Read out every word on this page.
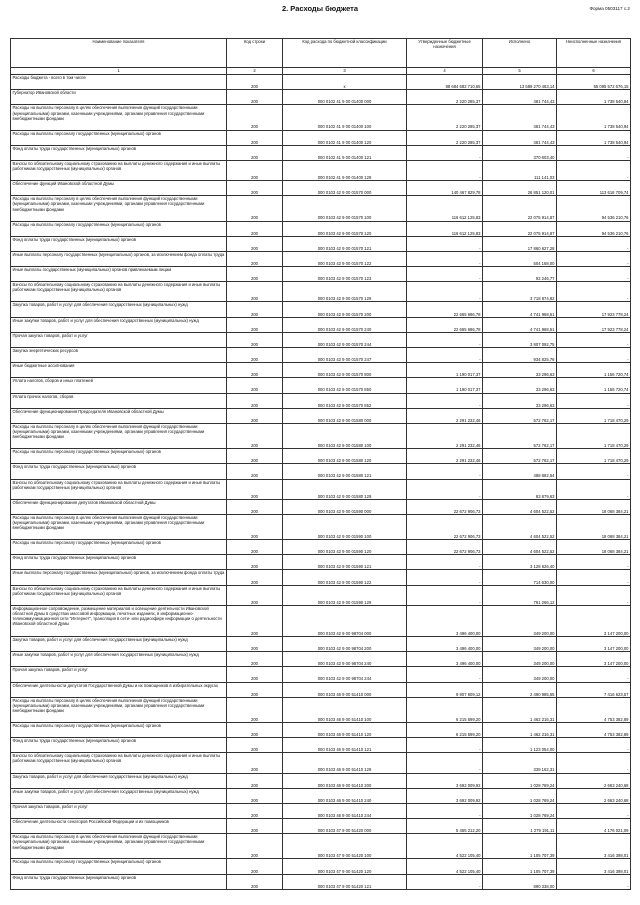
2. Расходы бюджета	Форма 0503117 с.2
Наименование показателя	Код строки	Код расхода по бюджетной классификации	Утвержденные бюджетные назначения	Исполнено	Неисполненные назначения
1	2	3	4	5	6
Расходы бюджета - всего в том числе	200	x	88 684 682 710,65	13 589 270 463,14	55 095 572 676,15
Губернатор Ивановской области	200	000 0102 41 9 00 01400 000	2 220 285,37	481 744,43	1 738 540,94
Расходы на выплаты персоналу в целях обеспечения выполнения функций государственными (муниципальными) органами, казенными учреждениями, органами управления государственными внебюджетными фондами	200	000 0102 41 9 00 01400 100	2 220 285,37	481 744,43	1 738 540,94
Расходы на выплаты персоналу государственных (муниципальных) органов	200	000 0102 41 9 00 01400 120	2 220 285,37	481 744,43	1 738 540,94
Фонд оплаты труда государственных (муниципальных) органов	200	000 0102 41 9 00 01400 121	-	370 603,40	-
Взносы по обязательному социальному страхованию на выплаты денежного содержания и иные выплаты работникам государственных (муниципальных) органов	200	000 0102 41 9 00 01400 129	-	111 141,03	-
Обеспечение функций Ивановской областной Думы	200	000 0103 42 9 00 01570 000	140 467 829,78	26 851 120,01	113 616 709,74
Расходы на выплаты персоналу в целях обеспечения выполнения функций государственными (муниципальными) органами, казенными учреждениями, органами управления государственными внебюджетными фондами	200	000 0103 42 9 00 01570 100	116 612 125,83	22 075 914,87	94 536 210,76
Расходы на выплаты персоналу государственных (муниципальных) органов	200	000 0103 42 9 00 01570 120	116 612 125,83	22 075 914,87	94 536 210,76
Фонд оплаты труда государственных (муниципальных) органов	200	000 0103 42 9 00 01570 121	-	17 860 627,28	-
Иные выплаты персоналу государственных (муниципальных) органов, за исключением фонда оплаты труда	200	000 0103 42 9 00 01570 122	-	504 168,00	-
Иные выплаты государственных (муниципальных) органов привлекаемым лицам	200	000 0103 42 9 00 01570 123	-	92 246,77	-
Взносы по обязательному социальному страхованию на выплаты денежного содержания и иные выплаты работникам государственных (муниципальных) органов	200	000 0103 42 9 00 01570 129	-	3 718 874,82	-
Закупка товаров, работ и услуг для обеспечения государственных (муниципальных) нужд	200	000 0103 42 9 00 01570 200	22 665 686,78	4 741 968,51	17 923 778,24
Иные закупки товаров, работ и услуг для обеспечения государственных (муниципальных) нужд	200	000 0103 42 9 00 01570 240	22 665 686,78	4 741 968,51	17 923 778,24
Прочая закупка товаров, работ и услуг	200	000 0103 42 9 00 01570 244	-	3 807 092,75	-
Закупка энергетических ресурсов	200	000 0103 42 9 00 01570 247	-	934 825,76	-
Иные бюджетные ассигнования	200	000 0103 42 9 00 01570 800	1 190 017,37	33 296,63	1 156 720,74
Уплата налогов, сборов и иных платежей	200	000 0103 42 9 00 01570 850	1 190 017,37	33 296,63	1 156 720,74
Уплата прочих налогов, сборов	200	000 0103 42 9 00 01570 852	-	33 296,63	-
Обеспечение функционирования Председателя Ивановской областной Думы	200	000 0103 42 9 00 01580 000	2 291 232,46	572 762,17	1 718 470,29
Расходы на выплаты персоналу в целях обеспечения выполнения функций государственными (муниципальными) органами, казенными учреждениями, органами управления государственными внебюджетными фондами	200	000 0103 42 9 00 01580 100	2 291 232,46	572 762,17	1 718 470,29
Расходы на выплаты персоналу государственных (муниципальных) органов	200	000 0103 42 9 00 01580 120	2 291 232,46	572 762,17	1 718 470,29
Фонд оплаты труда государственных (муниципальных) органов	200	000 0103 42 9 00 01580 121	-	488 882,54	-
Взносы по обязательному социальному страхованию на выплаты денежного содержания и иные выплаты работникам государственных (муниципальных) органов	200	000 0103 42 9 00 01580 129	-	83 879,63	-
Обеспечение функционирования депутатов Ивановской областной Думы	200	000 0103 42 9 00 01590 000	22 672 906,73	4 604 522,52	18 068 384,21
Расходы на выплаты персоналу в целях обеспечения выполнения функций государственными (муниципальными) органами, казенными учреждениями, органами управления государственными внебюджетными фондами	200	000 0103 42 9 00 01590 100	22 672 906,73	4 604 522,52	18 068 384,21
Расходы на выплаты персоналу государственных (муниципальных) органов	200	000 0103 42 9 00 01590 120	22 672 906,73	4 604 522,52	18 068 384,21
Фонд оплаты труда государственных (муниципальных) органов	200	000 0103 42 9 00 01590 121	-	3 128 626,40	-
Иные выплаты персоналу государственных (муниципальных) органов, за исключением фонда оплаты труда	200	000 0103 42 9 00 01590 122	-	714 630,00	-
Взносы по обязательному социальному страхованию на выплаты денежного содержания и иные выплаты работникам государственных (муниципальных) органов	200	000 0103 42 9 00 01590 129	-	761 266,12	-
Информационное сопровождение, размещение материалов и освещение деятельности Ивановской областной Думы в средствах массовой информации, печатных изданиях, в информационно-телекоммуникационной сети "Интернет", трансляция в сети- или радиоэфире информации о деятельности Ивановской областной Думы	200	000 0103 42 9 00 98704 000	3 496 400,00	349 200,00	3 147 200,00
Закупка товаров, работ и услуг для обеспечения государственных (муниципальных) нужд	200	000 0103 42 9 00 98704 200	3 496 400,00	349 200,00	3 147 200,00
Иные закупки товаров, работ и услуг для обеспечения государственных (муниципальных) нужд	200	000 0103 42 9 00 98704 240	3 496 400,00	349 200,00	3 147 200,00
Прочая закупка товаров, работ и услуг	200	000 0103 42 9 00 98704 244	-	349 200,00	-
Обеспечение деятельности депутатов Государственной Думы и их помощников в избирательных округах	200	000 0103 46 9 00 51410 000	9 907 609,12	2 490 985,55	7 416 623,57
Расходы на выплаты персоналу в целях обеспечения выполнения функций государственными (муниципальными) органами, казенными учреждениями, органами управления государственными внебюджетными фондами	200	000 0103 46 9 00 51410 100	6 215 599,20	1 462 216,31	4 753 382,89
Расходы на выплаты персоналу государственных (муниципальных) органов	200	000 0103 46 9 00 51410 120	6 215 599,20	1 462 216,31	4 753 382,89
Фонд оплаты труда государственных (муниципальных) органов	200	000 0103 46 9 00 51410 121	-	1 123 054,00	-
Взносы по обязательному социальному страхованию на выплаты денежного содержания и иные выплаты работникам государственных (муниципальных) органов	200	000 0103 46 9 00 51410 129	-	339 162,31	-
Закупка товаров, работ и услуг для обеспечения государственных (муниципальных) нужд	200	000 0103 46 9 00 51410 200	3 692 009,92	1 028 769,24	2 663 240,68
Иные закупки товаров, работ и услуг для обеспечения государственных (муниципальных) нужд	200	000 0103 46 9 00 51410 240	3 692 009,92	1 028 769,24	2 663 240,68
Прочая закупка товаров, работ и услуг	200	000 0103 46 9 00 51410 244	-	1 028 769,24	-
Обеспечение деятельности сенаторов Российской Федерации и их помощников	200	000 0103 47 9 00 51420 000	5 455 212,20	1 279 191,11	4 176 021,09
Расходы на выплаты персоналу в целях обеспечения выполнения функций государственными (муниципальными) органами, казенными учреждениями, органами управления государственными внебюджетными фондами	200	000 0103 47 9 00 51420 100	4 522 105,40	1 105 707,39	3 416 398,01
Расходы на выплаты персоналу государственных (муниципальных) органов	200	000 0103 47 9 00 51420 120	4 522 105,40	1 105 707,39	3 416 398,01
Фонд оплаты труда государственных (муниципальных) органов	200	000 0103 47 9 00 51420 121	-	890 338,00	-
